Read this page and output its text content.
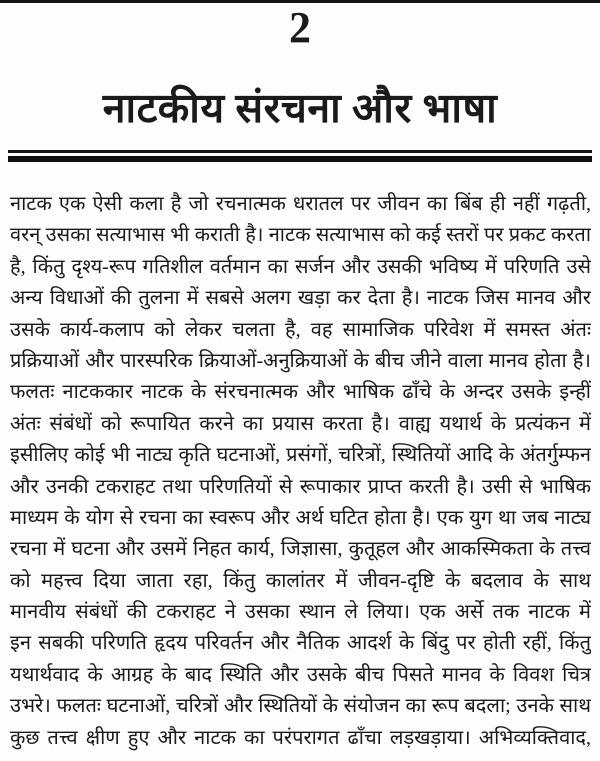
2
नाटकीय संरचना और भाषा
नाटक एक ऐसी कला है जो रचनात्मक धरातल पर जीवन का बिंब ही नहीं गढ़ती,
वरन् उसका सत्याभास भी कराती है। नाटक सत्याभास को कई स्तरों पर प्रकट करता
है, किंतु दृश्य-रूप गतिशील वर्तमान का सर्जन और उसकी भविष्य में परिणति उसे
अन्य विधाओं की तुलना में सबसे अलग खड़ा कर देता है। नाटक जिस मानव और
उसके कार्य-कलाप को लेकर चलता है, वह सामाजिक परिवेश में समस्त अंतः
प्रक्रियाओं और पारस्परिक क्रियाओं-अनुक्रियाओं के बीच जीने वाला मानव होता है।
फलतः नाटककार नाटक के संरचनात्मक और भाषिक ढाँचे के अन्दर उसके इन्हीं
अंतः संबंधों को रूपायित करने का प्रयास करता है। वाह्य यथार्थ के प्रत्यंकन में
इसीलिए कोई भी नाट्य कृति घटनाओं, प्रसंगों, चरित्रों, स्थितियों आदि के अंतर्गुम्फन
और उनकी टकराहट तथा परिणतियों से रूपाकार प्राप्त करती है। उसी से भाषिक
माध्यम के योग से रचना का स्वरूप और अर्थ घटित होता है। एक युग था जब नाट्य
रचना में घटना और उसमें निहत कार्य, जिज्ञासा, कुतूहल और आकस्मिकता के तत्त्व
को महत्त्व दिया जाता रहा, किंतु कालांतर में जीवन-दृष्टि के बदलाव के साथ
मानवीय संबंधों की टकराहट ने उसका स्थान ले लिया। एक अर्से तक नाटक में
इन सबकी परिणति हृदय परिवर्तन और नैतिक आदर्श के बिंदु पर होती रहीं, किंतु
यथार्थवाद के आग्रह के बाद स्थिति और उसके बीच पिसते मानव के विवश चित्र
उभरे। फलतः घटनाओं, चरित्रों और स्थितियों के संयोजन का रूप बदला; उनके साथ
कुछ तत्त्व क्षीण हुए और नाटक का परंपरागत ढाँचा लड़खड़ाया। अभिव्यक्तिवाद,
